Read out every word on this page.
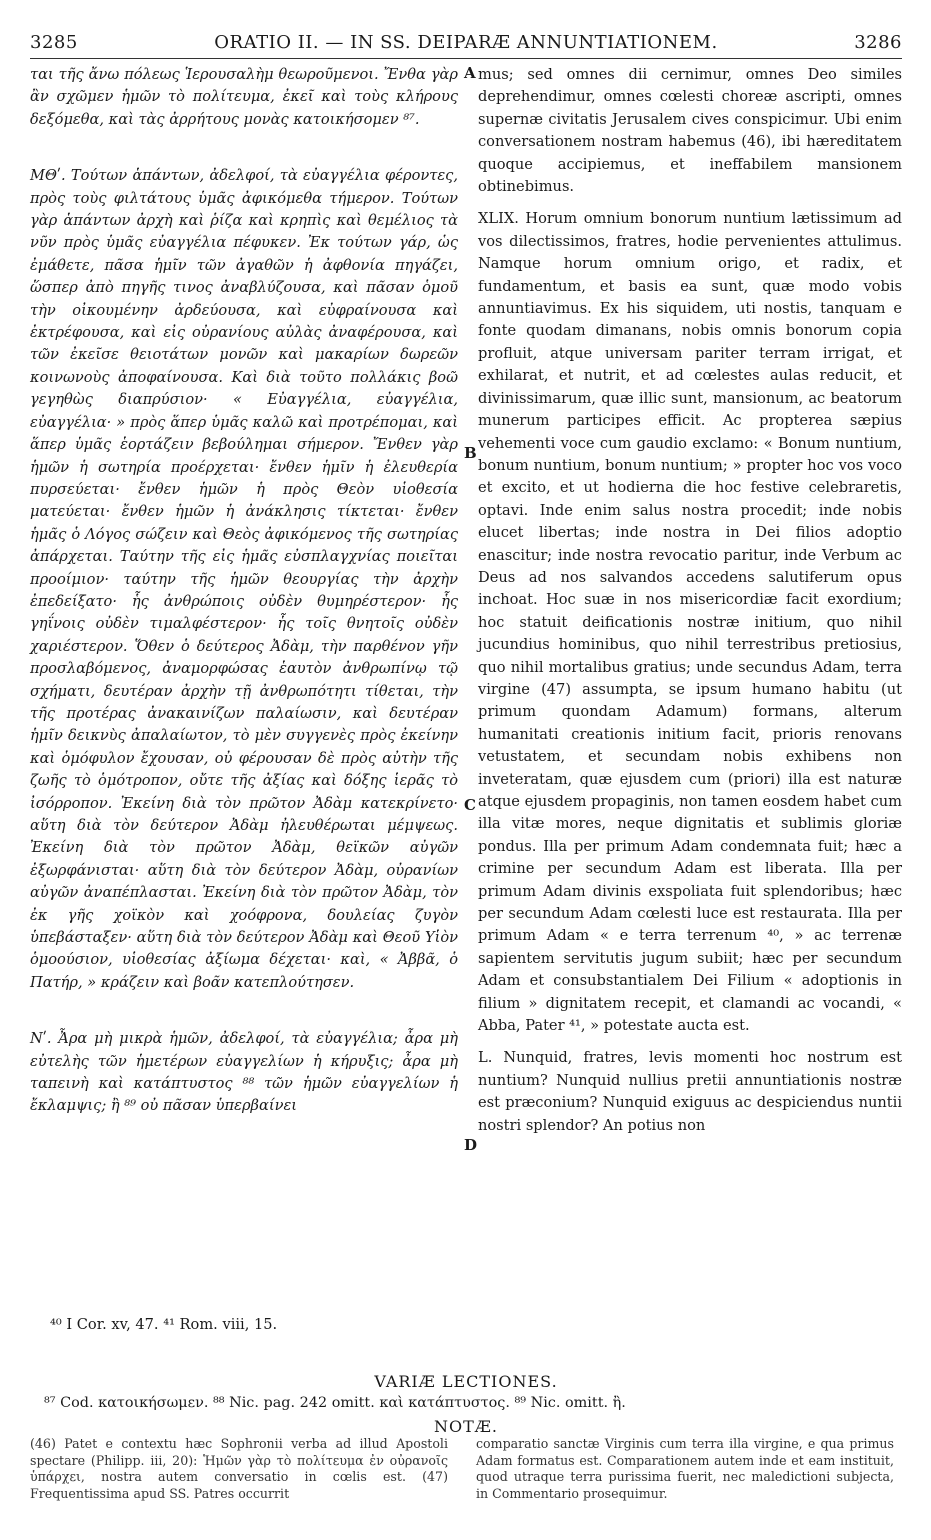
3285	ORATIO II. — IN SS. DEIPARÆ ANNUNTIATIONEM.	3286

ται τῆς ἄνω πόλεως Ἱερουσαλὴμ θεωροῦμενοι. Ἔνθα γὰρ ἂν σχῶμεν ἡμῶν τὸ πολίτευμα, ἐκεῖ καὶ τοὺς κλήρους δεξόμεθα, καὶ τὰς ἀρρήτους μονὰς κατοικήσομεν ⁸⁷.

ΜΘʹ. Τούτων ἁπάντων, ἀδελφοί, τὰ εὐαγγέλια φέροντες, πρὸς τοὺς φιλτάτους ὑμᾶς ἀφικόμεθα τήμερον. Τούτων γὰρ ἁπάντων ἀρχὴ καὶ ῥίζα καὶ κρηπὶς καὶ θεμέλιος τὰ νῦν πρὸς ὑμᾶς εὐαγγέλια πέφυκεν. Ἐκ τούτων γάρ, ὡς ἐμάθετε, πᾶσα ἡμῖν τῶν ἀγαθῶν ἡ ἀφθονία πηγάζει, ὥσπερ ἀπὸ πηγῆς τινος ἀναβλύζουσα, καὶ πᾶσαν ὁμοῦ τὴν οἰκουμένην ἀρδεύουσα, καὶ εὐφραίνουσα καὶ ἐκτρέφουσα, καὶ εἰς οὐρανίους αὐλὰς ἀναφέρουσα, καὶ τῶν ἐκεῖσε θειοτάτων μονῶν καὶ μακαρίων δωρεῶν κοινωνοὺς ἀποφαίνουσα. Καὶ διὰ τοῦτο πολλάκις βοῶ γεγηθὼς διαπρύσιον· « Εὐαγγέλια, εὐαγγέλια, εὐαγγέλια· » πρὸς ἅπερ ὑμᾶς καλῶ καὶ προτρέπομαι, καὶ ἅπερ ὑμᾶς ἑορτάζειν βεβούλημαι σήμερον. Ἔνθεν γὰρ ἡμῶν ἡ σωτηρία προέρχεται· ἔνθεν ἡμῖν ἡ ἐλευθερία πυρσεύεται· ἔνθεν ἡμῶν ἡ πρὸς Θεὸν υἱοθεσία ματεύεται· ἔνθεν ἡμῶν ἡ ἀνάκλησις τίκτεται· ἔνθεν ἡμᾶς ὁ Λόγος σώζειν καὶ Θεὸς ἀφικόμενος τῆς σωτηρίας ἀπάρχεται. Ταύτην τῆς εἰς ἡμᾶς εὐσπλαγχνίας ποιεῖται προοίμιον· ταύτην τῆς ἡμῶν θεουργίας τὴν ἀρχὴν ἐπεδείξατο· ἧς ἀνθρώποις οὐδὲν θυμηρέστερον· ἧς γηΐνοις οὐδὲν τιμαλφέστερον· ἧς τοῖς θνητοῖς οὐδὲν χαριέστερον. Ὅθεν ὁ δεύτερος Ἀδὰμ, τὴν παρθένον γῆν προσλαβόμενος, ἀναμορφώσας ἑαυτὸν ἀνθρωπίνῳ τῷ σχήματι, δευτέραν ἀρχὴν τῇ ἀνθρωπότητι τίθεται, τὴν τῆς προτέρας ἀνακαινίζων παλαίωσιν, καὶ δευτέραν ἡμῖν δεικνὺς ἀπαλαίωτον, τὸ μὲν συγγενὲς πρὸς ἐκείνην καὶ ὁμόφυλον ἔχουσαν, οὐ φέρουσαν δὲ πρὸς αὐτὴν τῆς ζωῆς τὸ ὁμότροπον, οὔτε τῆς ἀξίας καὶ δόξης ἱερᾶς τὸ ἰσόρροπον. Ἐκείνη διὰ τὸν πρῶτον Ἀδὰμ κατεκρίνετο· αὕτη διὰ τὸν δεύτερον Ἀδὰμ ἠλευθέρωται μέμψεως. Ἐκείνη διὰ τὸν πρῶτον Ἀδὰμ, θεϊκῶν αὐγῶν ἐξωρφάνισται· αὕτη διὰ τὸν δεύτερον Ἀδὰμ, οὐρανίων αὐγῶν ἀναπέπλασται. Ἐκείνη διὰ τὸν πρῶτον Ἀδὰμ, τὸν ἐκ γῆς χοϊκὸν καὶ χοόφρονα, δουλείας ζυγὸν ὑπεβάσταξεν· αὕτη διὰ τὸν δεύτερον Ἀδὰμ καὶ Θεοῦ Υἱὸν ὁμοούσιον, υἱοθεσίας ἀξίωμα δέχεται· καὶ, « Ἀββᾶ, ὁ Πατήρ, » κράζειν καὶ βοᾶν κατεπλούτησεν.

Νʹ. Ἆρα μὴ μικρὰ ἡμῶν, ἀδελφοί, τὰ εὐαγγέλια; ἆρα μὴ εὐτελὴς τῶν ἡμετέρων εὐαγγελίων ἡ κήρυξις; ἆρα μὴ ταπεινὴ καὶ κατάπτυστος ⁸⁸ τῶν ἡμῶν εὐαγγελίων ἡ ἔκλαμψις; ἢ ⁸⁹ οὐ πᾶσαν ὑπερβαίνει

A
B
C
D

mus; sed omnes dii cernimur, omnes Deo similes deprehendimur, omnes cœlesti choreæ ascripti, omnes supernæ civitatis Jerusalem cives conspicimur. Ubi enim conversationem nostram habemus (46), ibi hæreditatem quoque accipiemus, et ineffabilem mansionem obtinebimus.

XLIX. Horum omnium bonorum nuntium lætissimum ad vos dilectissimos, fratres, hodie pervenientes attulimus. Namque horum omnium origo, et radix, et fundamentum, et basis ea sunt, quæ modo vobis annuntiavimus. Ex his siquidem, uti nostis, tanquam e fonte quodam dimanans, nobis omnis bonorum copia profluit, atque universam pariter terram irrigat, et exhilarat, et nutrit, et ad cœlestes aulas reducit, et divinissimarum, quæ illic sunt, mansionum, ac beatorum munerum participes efficit. Ac propterea sæpius vehementi voce cum gaudio exclamo: « Bonum nuntium, bonum nuntium, bonum nuntium; » propter hoc vos voco et excito, et ut hodierna die hoc festive celebraretis, optavi. Inde enim salus nostra procedit; inde nobis elucet libertas; inde nostra in Dei filios adoptio enascitur; inde nostra revocatio paritur, inde Verbum ac Deus ad nos salvandos accedens salutiferum opus inchoat. Hoc suæ in nos misericordiæ facit exordium; hoc statuit deificationis nostræ initium, quo nihil jucundius hominibus, quo nihil terrestribus pretiosius, quo nihil mortalibus gratius; unde secundus Adam, terra virgine (47) assumpta, se ipsum humano habitu (ut primum quondam Adamum) formans, alterum humanitati creationis initium facit, prioris renovans vetustatem, et secundam nobis exhibens non inveteratam, quæ ejusdem cum (priori) illa est naturæ atque ejusdem propaginis, non tamen eosdem habet cum illa vitæ mores, neque dignitatis et sublimis gloriæ pondus. Illa per primum Adam condemnata fuit; hæc a crimine per secundum Adam est liberata. Illa per primum Adam divinis exspoliata fuit splendoribus; hæc per secundum Adam cœlesti luce est restaurata. Illa per primum Adam « e terra terrenum ⁴⁰, » ac terrenæ sapientem servitutis jugum subiit; hæc per secundum Adam et consubstantialem Dei Filium « adoptionis in filium » dignitatem recepit, et clamandi ac vocandi, « Abba, Pater ⁴¹, » potestate aucta est.

L. Nunquid, fratres, levis momenti hoc nostrum est nuntium? Nunquid nullius pretii annuntiationis nostræ est præconium? Nunquid exiguus ac despiciendus nuntii nostri splendor? An potius non

⁴⁰ I Cor. xv, 47. ⁴¹ Rom. viii, 15.
VARIÆ LECTIONES.
⁸⁷ Cod. κατοικήσωμεν. ⁸⁸ Nic. pag. 242 omitt. καὶ κατάπτυστος. ⁸⁹ Nic. omitt. ἢ.
NOTÆ.

(46) Patet e contextu hæc Sophronii verba ad illud Apostoli spectare (Philipp. iii, 20): Ἡμῶν γὰρ τὸ πολίτευμα ἐν οὐρανοῖς ὑπάρχει, nostra autem conversatio in cœlis est. (47) Frequentissima apud SS. Patres occurrit

comparatio sanctæ Virginis cum terra illa virgine, e qua primus Adam formatus est. Comparationem autem inde et eam instituit, quod utraque terra purissima fuerit, nec maledictioni subjecta, in Commentario prosequimur.
